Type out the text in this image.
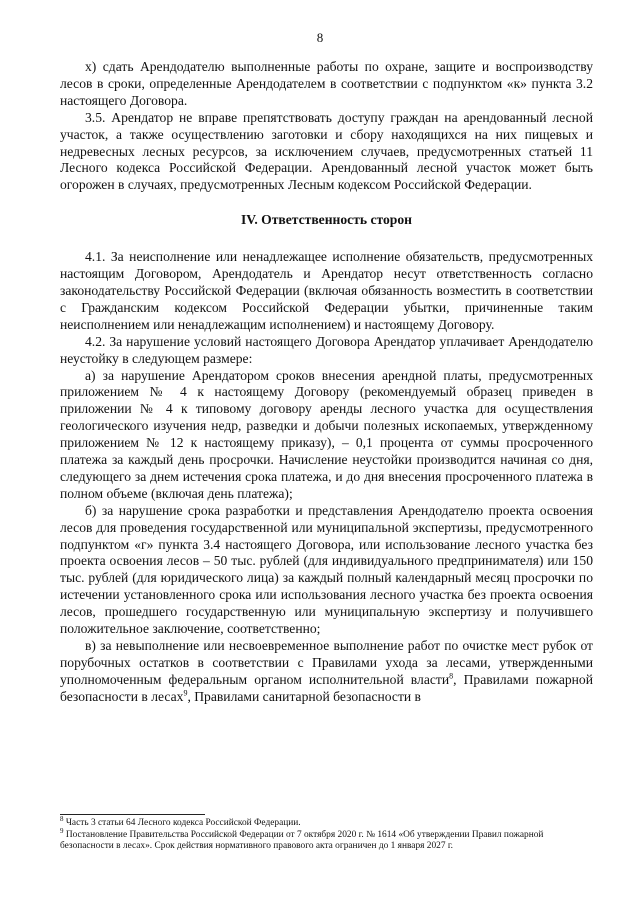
8

х) сдать Арендодателю выполненные работы по охране, защите и воспроизводству лесов в сроки, определенные Арендодателем в соответствии с подпунктом «к» пункта 3.2 настоящего Договора.

3.5. Арендатор не вправе препятствовать доступу граждан на арендованный лесной участок, а также осуществлению заготовки и сбору находящихся на них пищевых и недревесных лесных ресурсов, за исключением случаев, предусмотренных статьей 11 Лесного кодекса Российской Федерации. Арендованный лесной участок может быть огорожен в случаях, предусмотренных Лесным кодексом Российской Федерации.

IV. Ответственность сторон

4.1. За неисполнение или ненадлежащее исполнение обязательств, предусмотренных настоящим Договором, Арендодатель и Арендатор несут ответственность согласно законодательству Российской Федерации (включая обязанность возместить в соответствии с Гражданским кодексом Российской Федерации убытки, причиненные таким неисполнением или ненадлежащим исполнением) и настоящему Договору.

4.2. За нарушение условий настоящего Договора Арендатор уплачивает Арендодателю неустойку в следующем размере:

а) за нарушение Арендатором сроков внесения арендной платы, предусмотренных приложением № 4 к настоящему Договору (рекомендуемый образец приведен в приложении № 4 к типовому договору аренды лесного участка для осуществления геологического изучения недр, разведки и добычи полезных ископаемых, утвержденному приложением № 12 к настоящему приказу), – 0,1 процента от суммы просроченного платежа за каждый день просрочки. Начисление неустойки производится начиная со дня, следующего за днем истечения срока платежа, и до дня внесения просроченного платежа в полном объеме (включая день платежа);

б) за нарушение срока разработки и представления Арендодателю проекта освоения лесов для проведения государственной или муниципальной экспертизы, предусмотренного подпунктом «г» пункта 3.4 настоящего Договора, или использование лесного участка без проекта освоения лесов – 50 тыс. рублей (для индивидуального предпринимателя) или 150 тыс. рублей (для юридического лица) за каждый полный календарный месяц просрочки по истечении установленного срока или использования лесного участка без проекта освоения лесов, прошедшего государственную или муниципальную экспертизу и получившего положительное заключение, соответственно;

в) за невыполнение или несвоевременное выполнение работ по очистке мест рубок от порубочных остатков в соответствии с Правилами ухода за лесами, утвержденными уполномоченным федеральным органом исполнительной власти$^8$, Правилами пожарной безопасности в лесах$^9$, Правилами санитарной безопасности в

$^8$ Часть 3 статьи 64 Лесного кодекса Российской Федерации.
$^9$ Постановление Правительства Российской Федерации от 7 октября 2020 г. № 1614 «Об утверждении Правил пожарной безопасности в лесах». Срок действия нормативного правового акта ограничен до 1 января 2027 г.
